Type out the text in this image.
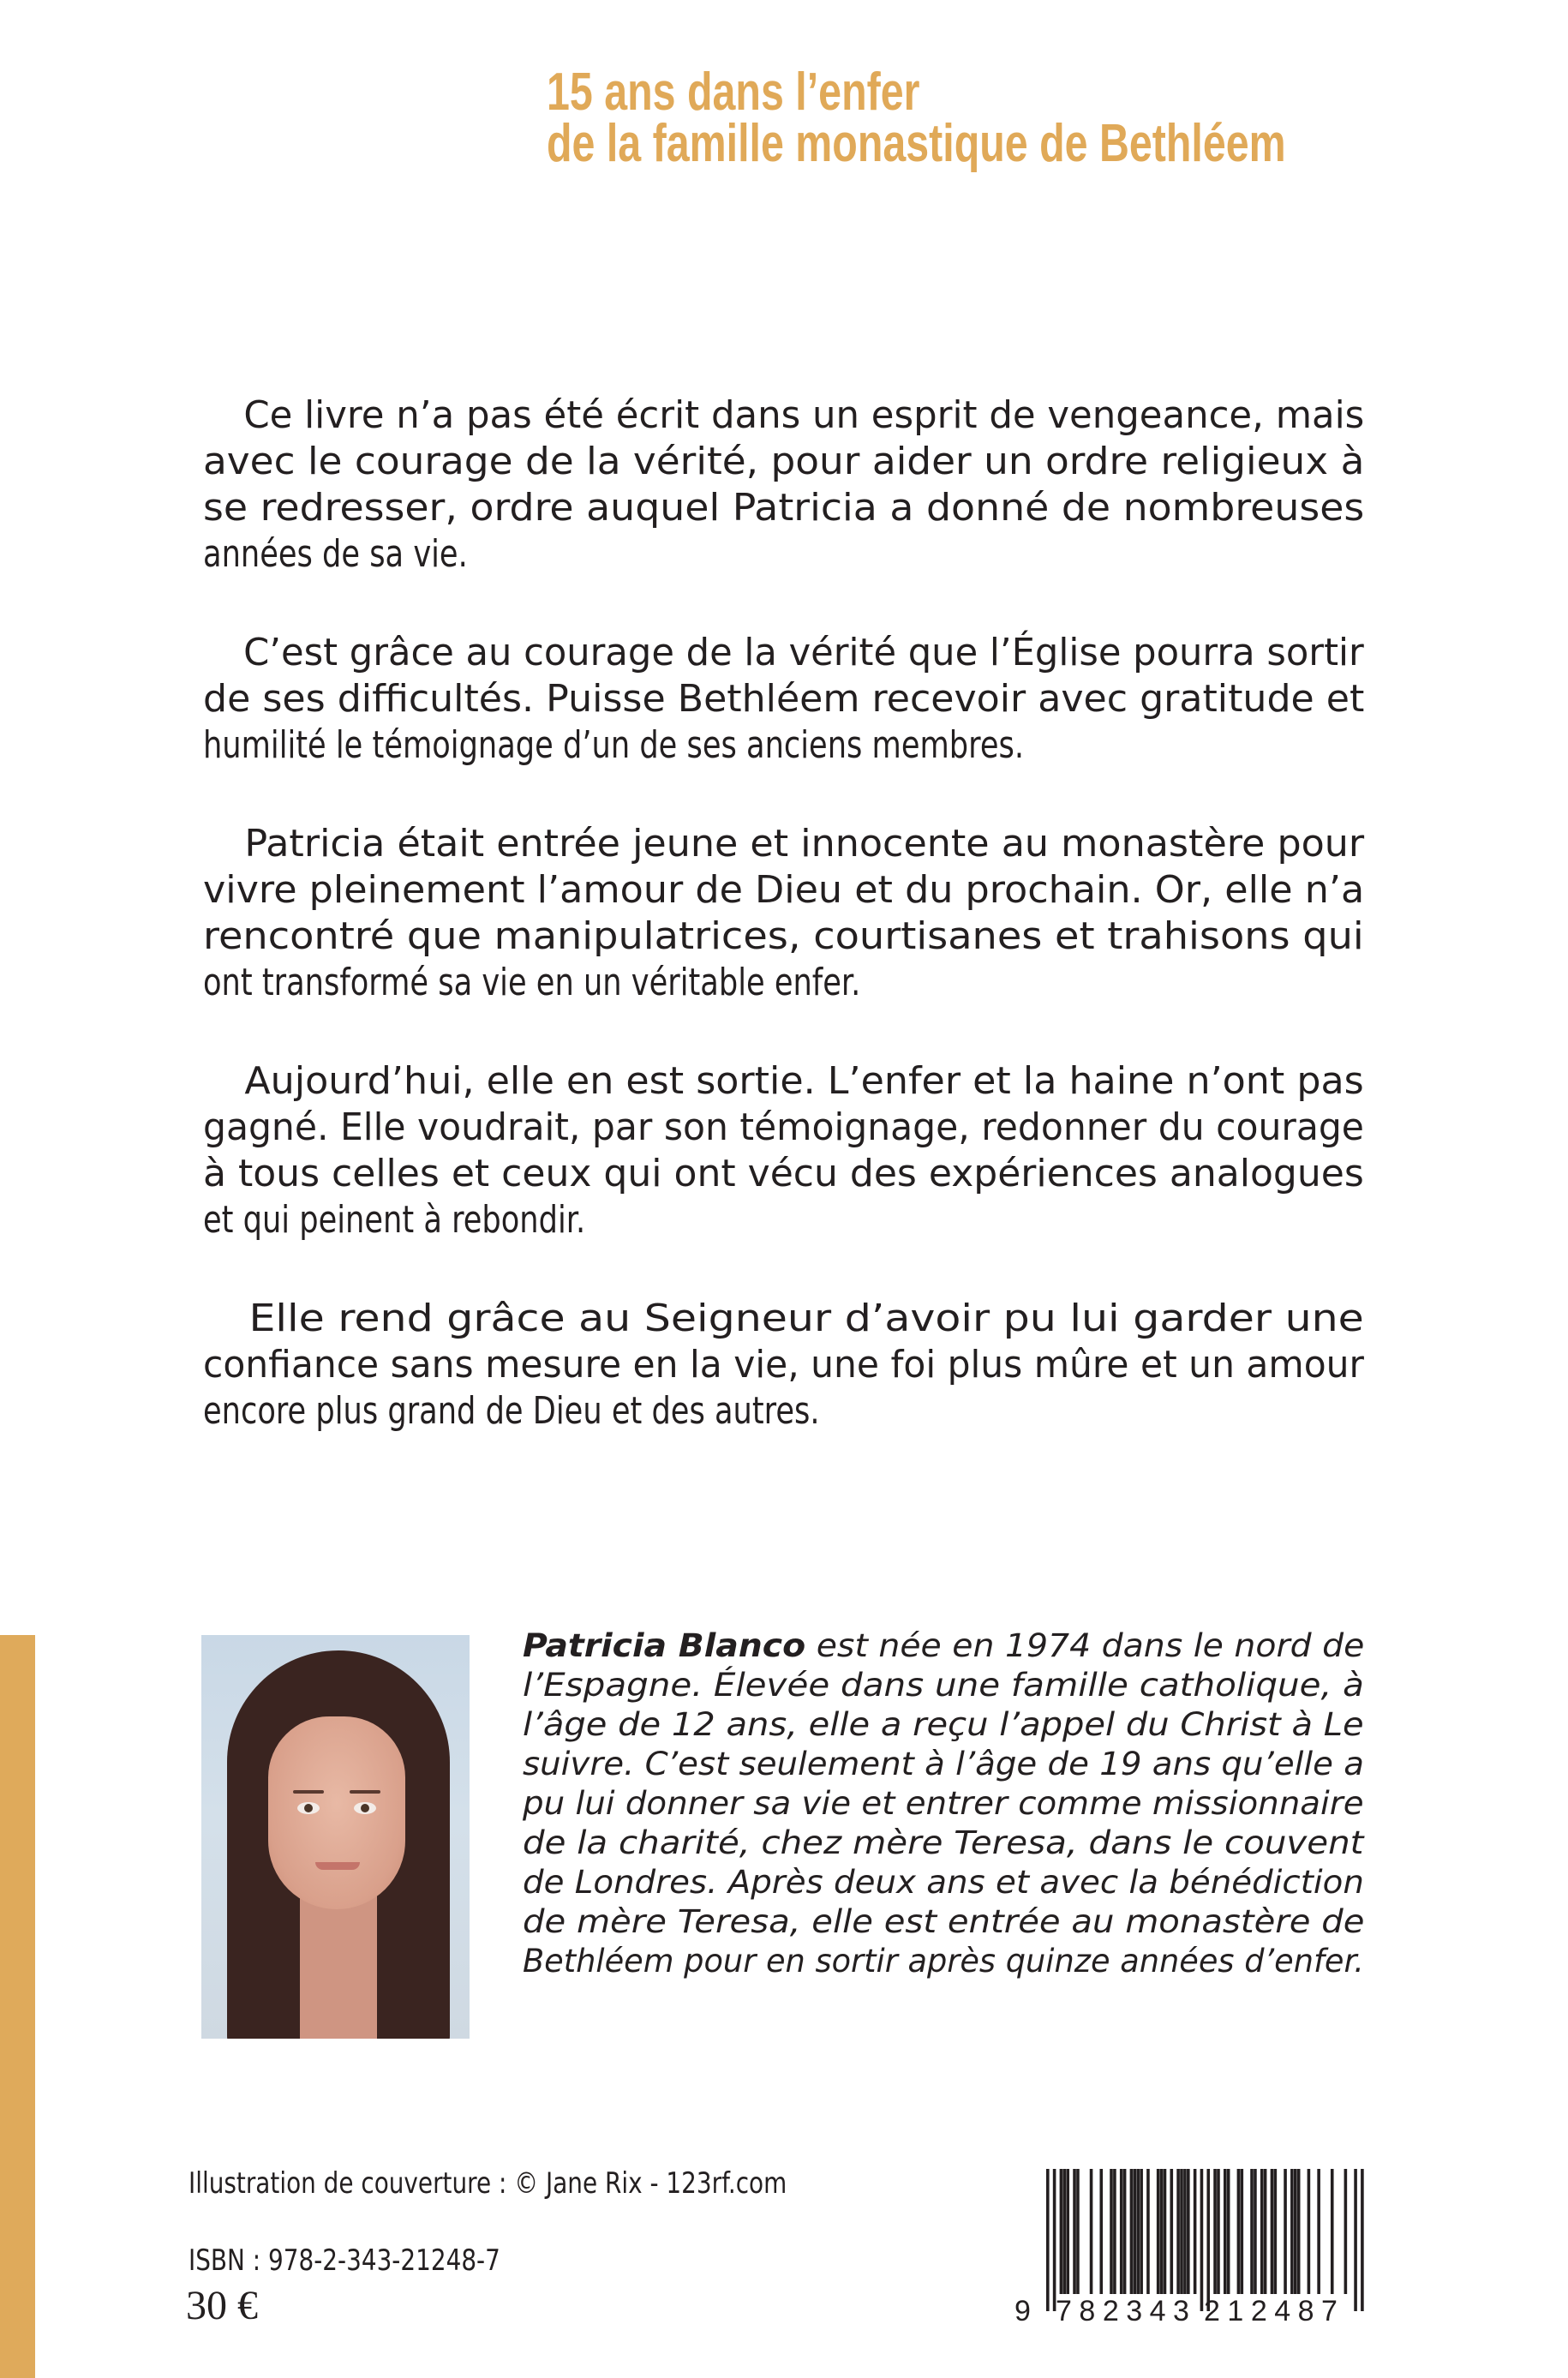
15 ans dans l’enfer
de la famille monastique de Bethléem
Ce livre n’a pas été écrit dans un esprit de vengeance, mais
avec le courage de la vérité, pour aider un ordre religieux à
se redresser, ordre auquel Patricia a donné de nombreuses
années de sa vie.
C’est grâce au courage de la vérité que l’Église pourra sortir
de ses difficultés. Puisse Bethléem recevoir avec gratitude et
humilité le témoignage d’un de ses anciens membres.
Patricia était entrée jeune et innocente au monastère pour
vivre pleinement l’amour de Dieu et du prochain. Or, elle n’a
rencontré que manipulatrices, courtisanes et trahisons qui
ont transformé sa vie en un véritable enfer.
Aujourd’hui, elle en est sortie. L’enfer et la haine n’ont pas
gagné. Elle voudrait, par son témoignage, redonner du courage
à tous celles et ceux qui ont vécu des expériences analogues
et qui peinent à rebondir.
Elle rend grâce au Seigneur d’avoir pu lui garder une
confiance sans mesure en la vie, une foi plus mûre et un amour
encore plus grand de Dieu et des autres.
Patricia Blanco est née en 1974 dans le nord de
l’Espagne. Élevée dans une famille catholique, à
l’âge de 12 ans, elle a reçu l’appel du Christ à Le
suivre. C’est seulement à l’âge de 19 ans qu’elle a
pu lui donner sa vie et entrer comme missionnaire
de la charité, chez mère Teresa, dans le couvent
de Londres. Après deux ans et avec la bénédiction
de mère Teresa, elle est entrée au monastère de
Bethléem pour en sortir après quinze années d’enfer.
Illustration de couverture : © Jane Rix - 123rf.com
ISBN : 978-2-343-21248-7
30 €	9 782343 212487
